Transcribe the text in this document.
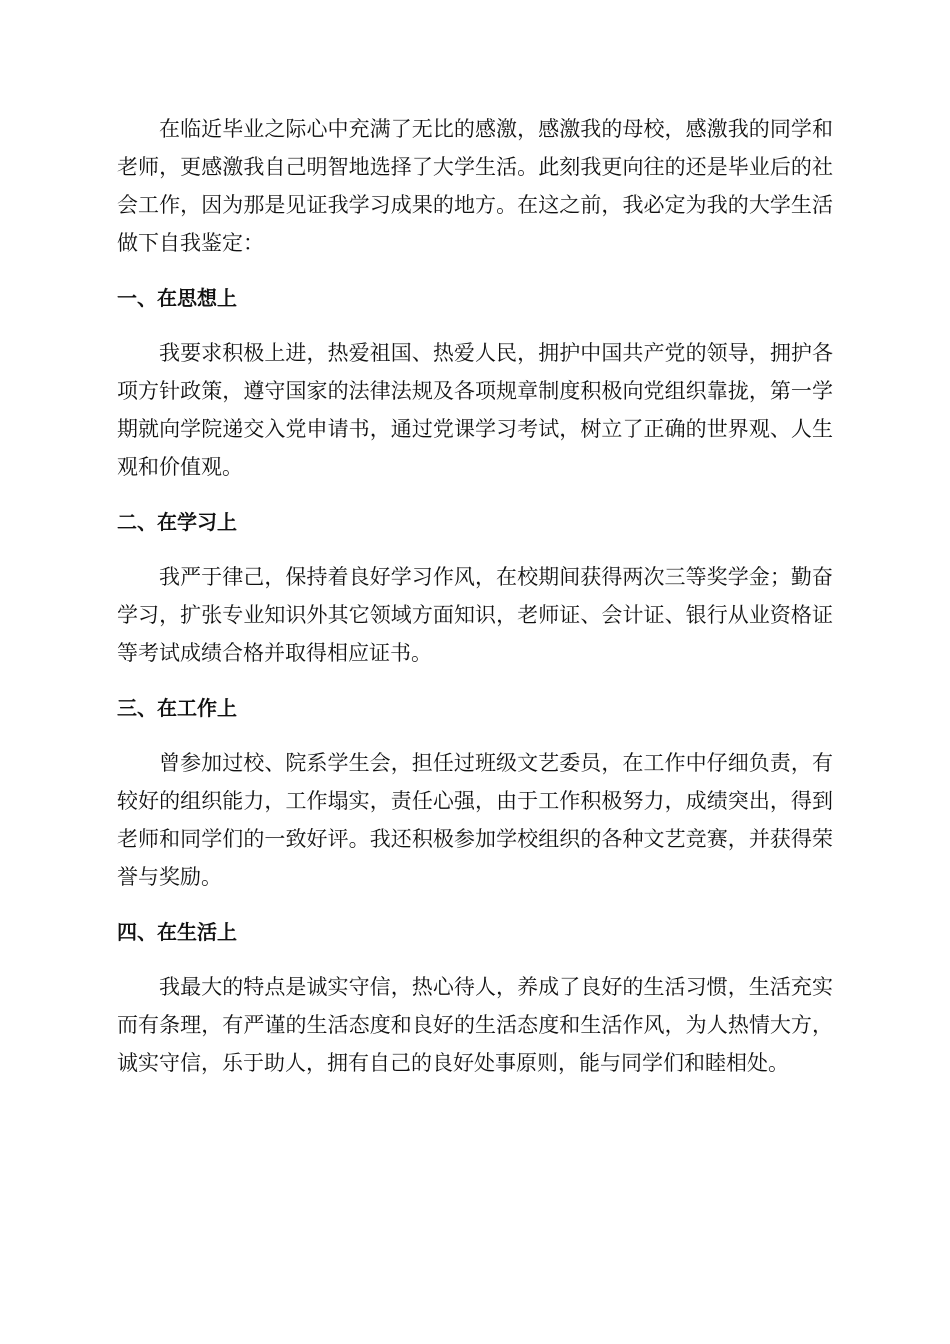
在临近毕业之际心中充满了无比的感激，感激我的母校，感激我的同学和老师，更感激我自己明智地选择了大学生活。此刻我更向往的还是毕业后的社会工作，因为那是见证我学习成果的地方。在这之前，我必定为我的大学生活做下自我鉴定：

一、在思想上

我要求积极上进，热爱祖国、热爱人民，拥护中国共产党的领导，拥护各项方针政策，遵守国家的法律法规及各项规章制度积极向党组织靠拢，第一学期就向学院递交入党申请书，通过党课学习考试，树立了正确的世界观、人生观和价值观。

二、在学习上

我严于律己，保持着良好学习作风，在校期间获得两次三等奖学金；勤奋学习，扩张专业知识外其它领域方面知识，老师证、会计证、银行从业资格证等考试成绩合格并取得相应证书。

三、在工作上

曾参加过校、院系学生会，担任过班级文艺委员，在工作中仔细负责，有较好的组织能力，工作塌实，责任心强，由于工作积极努力，成绩突出，得到老师和同学们的一致好评。我还积极参加学校组织的各种文艺竞赛，并获得荣誉与奖励。

四、在生活上

我最大的特点是诚实守信，热心待人，养成了良好的生活习惯，生活充实而有条理，有严谨的生活态度和良好的生活态度和生活作风，为人热情大方，诚实守信，乐于助人，拥有自己的良好处事原则，能与同学们和睦相处。
